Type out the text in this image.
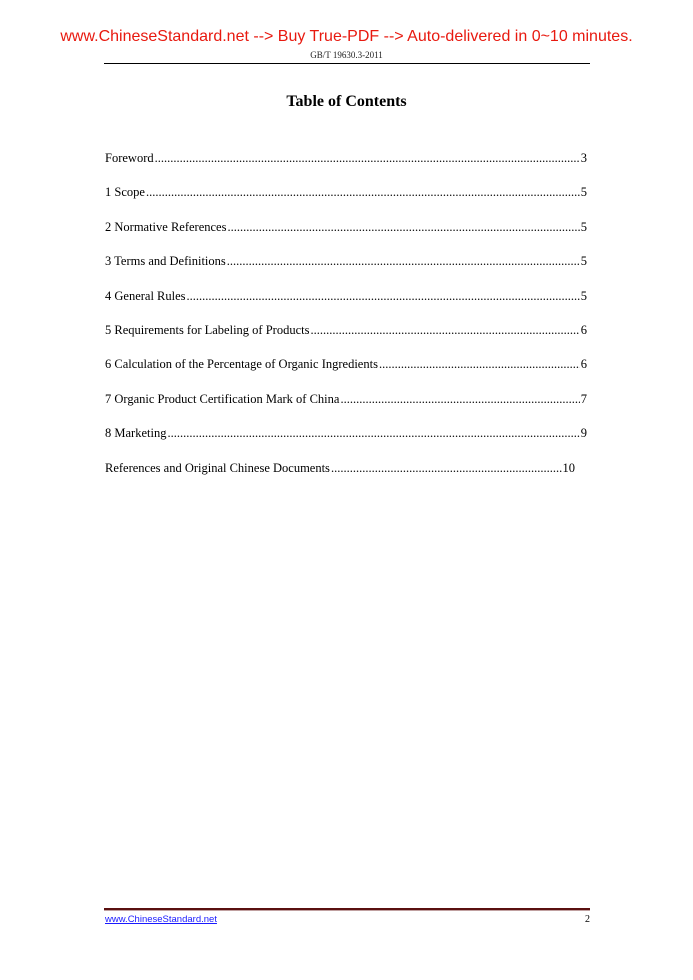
www.ChineseStandard.net --> Buy True-PDF --> Auto-delivered in 0~10 minutes.
GB/T 19630.3-2011
Table of Contents
Foreword .....	3
1 Scope .....	5
2 Normative References .....	5
3 Terms and Definitions .....	5
4 General Rules .....	5
5 Requirements for Labeling of Products .....	6
6 Calculation of the Percentage of Organic Ingredients .....	6
7 Organic Product Certification Mark of China .....	7
8 Marketing .....	9
References and Original Chinese Documents .....	10
www.ChineseStandard.net	2
